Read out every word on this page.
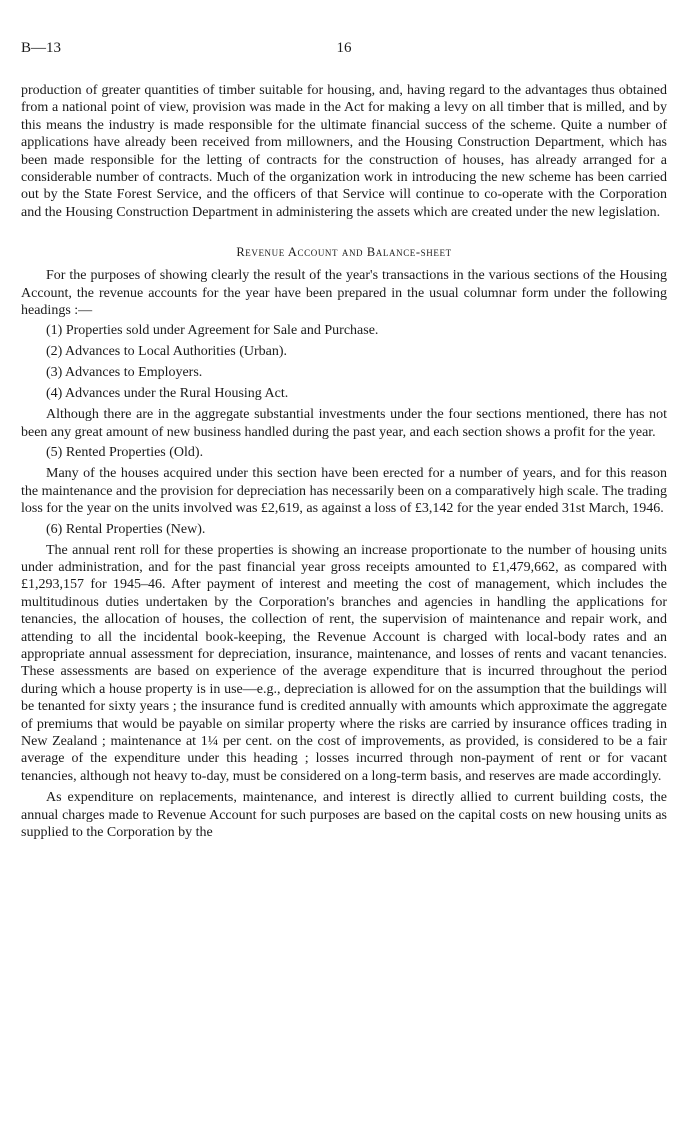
B—13	16

production of greater quantities of timber suitable for housing, and, having regard to the advantages thus obtained from a national point of view, provision was made in the Act for making a levy on all timber that is milled, and by this means the industry is made responsible for the ultimate financial success of the scheme. Quite a number of applications have already been received from millowners, and the Housing Construction Department, which has been made responsible for the letting of contracts for the construction of houses, has already arranged for a considerable number of contracts. Much of the organization work in introducing the new scheme has been carried out by the State Forest Service, and the officers of that Service will continue to co-operate with the Corporation and the Housing Construction Department in administering the assets which are created under the new legislation.

Revenue Account and Balance-sheet

For the purposes of showing clearly the result of the year's transactions in the various sections of the Housing Account, the revenue accounts for the year have been prepared in the usual columnar form under the following headings :—

(1) Properties sold under Agreement for Sale and Purchase.
(2) Advances to Local Authorities (Urban).
(3) Advances to Employers.
(4) Advances under the Rural Housing Act.

Although there are in the aggregate substantial investments under the four sections mentioned, there has not been any great amount of new business handled during the past year, and each section shows a profit for the year.

(5) Rented Properties (Old).

Many of the houses acquired under this section have been erected for a number of years, and for this reason the maintenance and the provision for depreciation has necessarily been on a comparatively high scale. The trading loss for the year on the units involved was £2,619, as against a loss of £3,142 for the year ended 31st March, 1946.

(6) Rental Properties (New).

The annual rent roll for these properties is showing an increase proportionate to the number of housing units under administration, and for the past financial year gross receipts amounted to £1,479,662, as compared with £1,293,157 for 1945–46. After payment of interest and meeting the cost of management, which includes the multitudinous duties undertaken by the Corporation's branches and agencies in handling the applications for tenancies, the allocation of houses, the collection of rent, the supervision of maintenance and repair work, and attending to all the incidental book-keeping, the Revenue Account is charged with local-body rates and an appropriate annual assessment for depreciation, insurance, maintenance, and losses of rents and vacant tenancies. These assessments are based on experience of the average expenditure that is incurred throughout the period during which a house property is in use—e.g., depreciation is allowed for on the assumption that the buildings will be tenanted for sixty years ; the insurance fund is credited annually with amounts which approximate the aggregate of premiums that would be payable on similar property where the risks are carried by insurance offices trading in New Zealand ; maintenance at 1¼ per cent. on the cost of improvements, as provided, is considered to be a fair average of the expenditure under this heading ; losses incurred through non-payment of rent or for vacant tenancies, although not heavy to-day, must be considered on a long-term basis, and reserves are made accordingly.

As expenditure on replacements, maintenance, and interest is directly allied to current building costs, the annual charges made to Revenue Account for such purposes are based on the capital costs on new housing units as supplied to the Corporation by the
